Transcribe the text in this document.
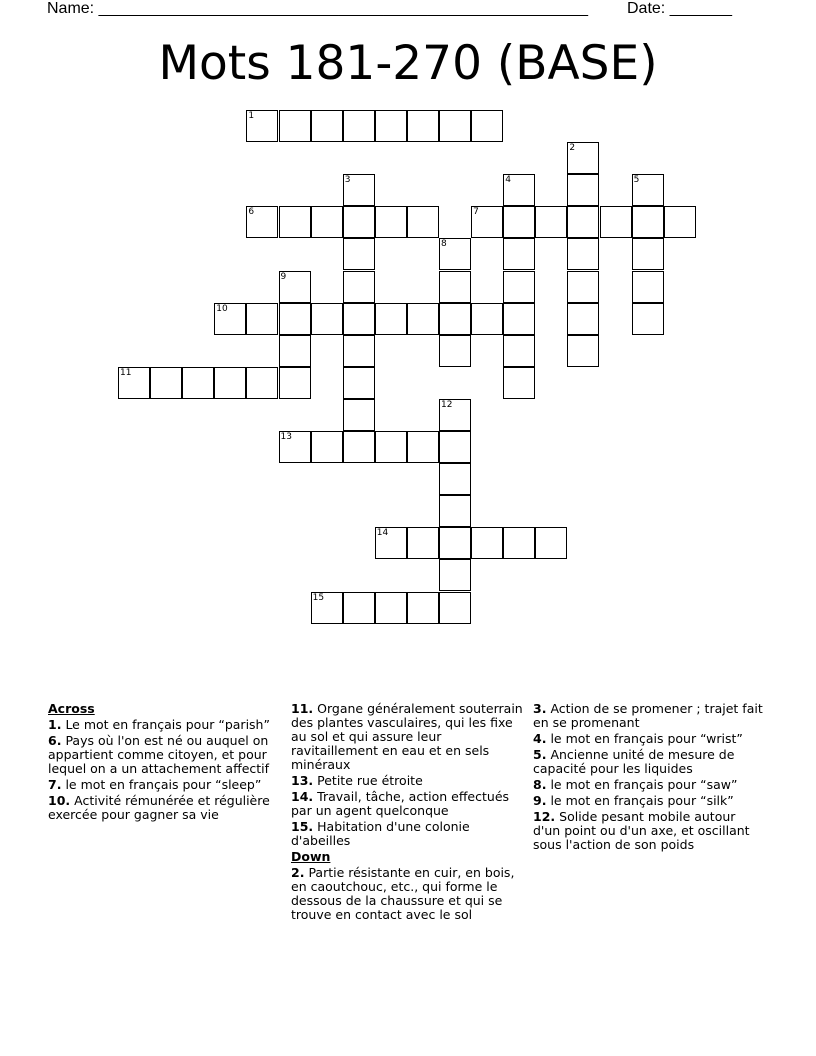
Name: _______________________________________________________ Date: _______
Mots 181-270 (BASE)
1
2
3	4	5
6	7
8
9
10
11
12
13
14
15
Across
1. Le mot en français pour “parish”
6. Pays où l'on est né ou auquel on appartient comme citoyen, et pour lequel on a un attachement affectif
7. le mot en français pour “sleep”
10. Activité rémunérée et régulière exercée pour gagner sa vie
11. Organe généralement souterrain des plantes vasculaires, qui les fixe au sol et qui assure leur ravitaillement en eau et en sels minéraux
13. Petite rue étroite
14. Travail, tâche, action effectués par un agent quelconque
15. Habitation d'une colonie d'abeilles
Down
2. Partie résistante en cuir, en bois, en caoutchouc, etc., qui forme le dessous de la chaussure et qui se trouve en contact avec le sol
3. Action de se promener ; trajet fait en se promenant
4. le mot en français pour “wrist”
5. Ancienne unité de mesure de capacité pour les liquides
8. le mot en français pour “saw”
9. le mot en français pour “silk”
12. Solide pesant mobile autour d'un point ou d'un axe, et oscillant sous l'action de son poids
